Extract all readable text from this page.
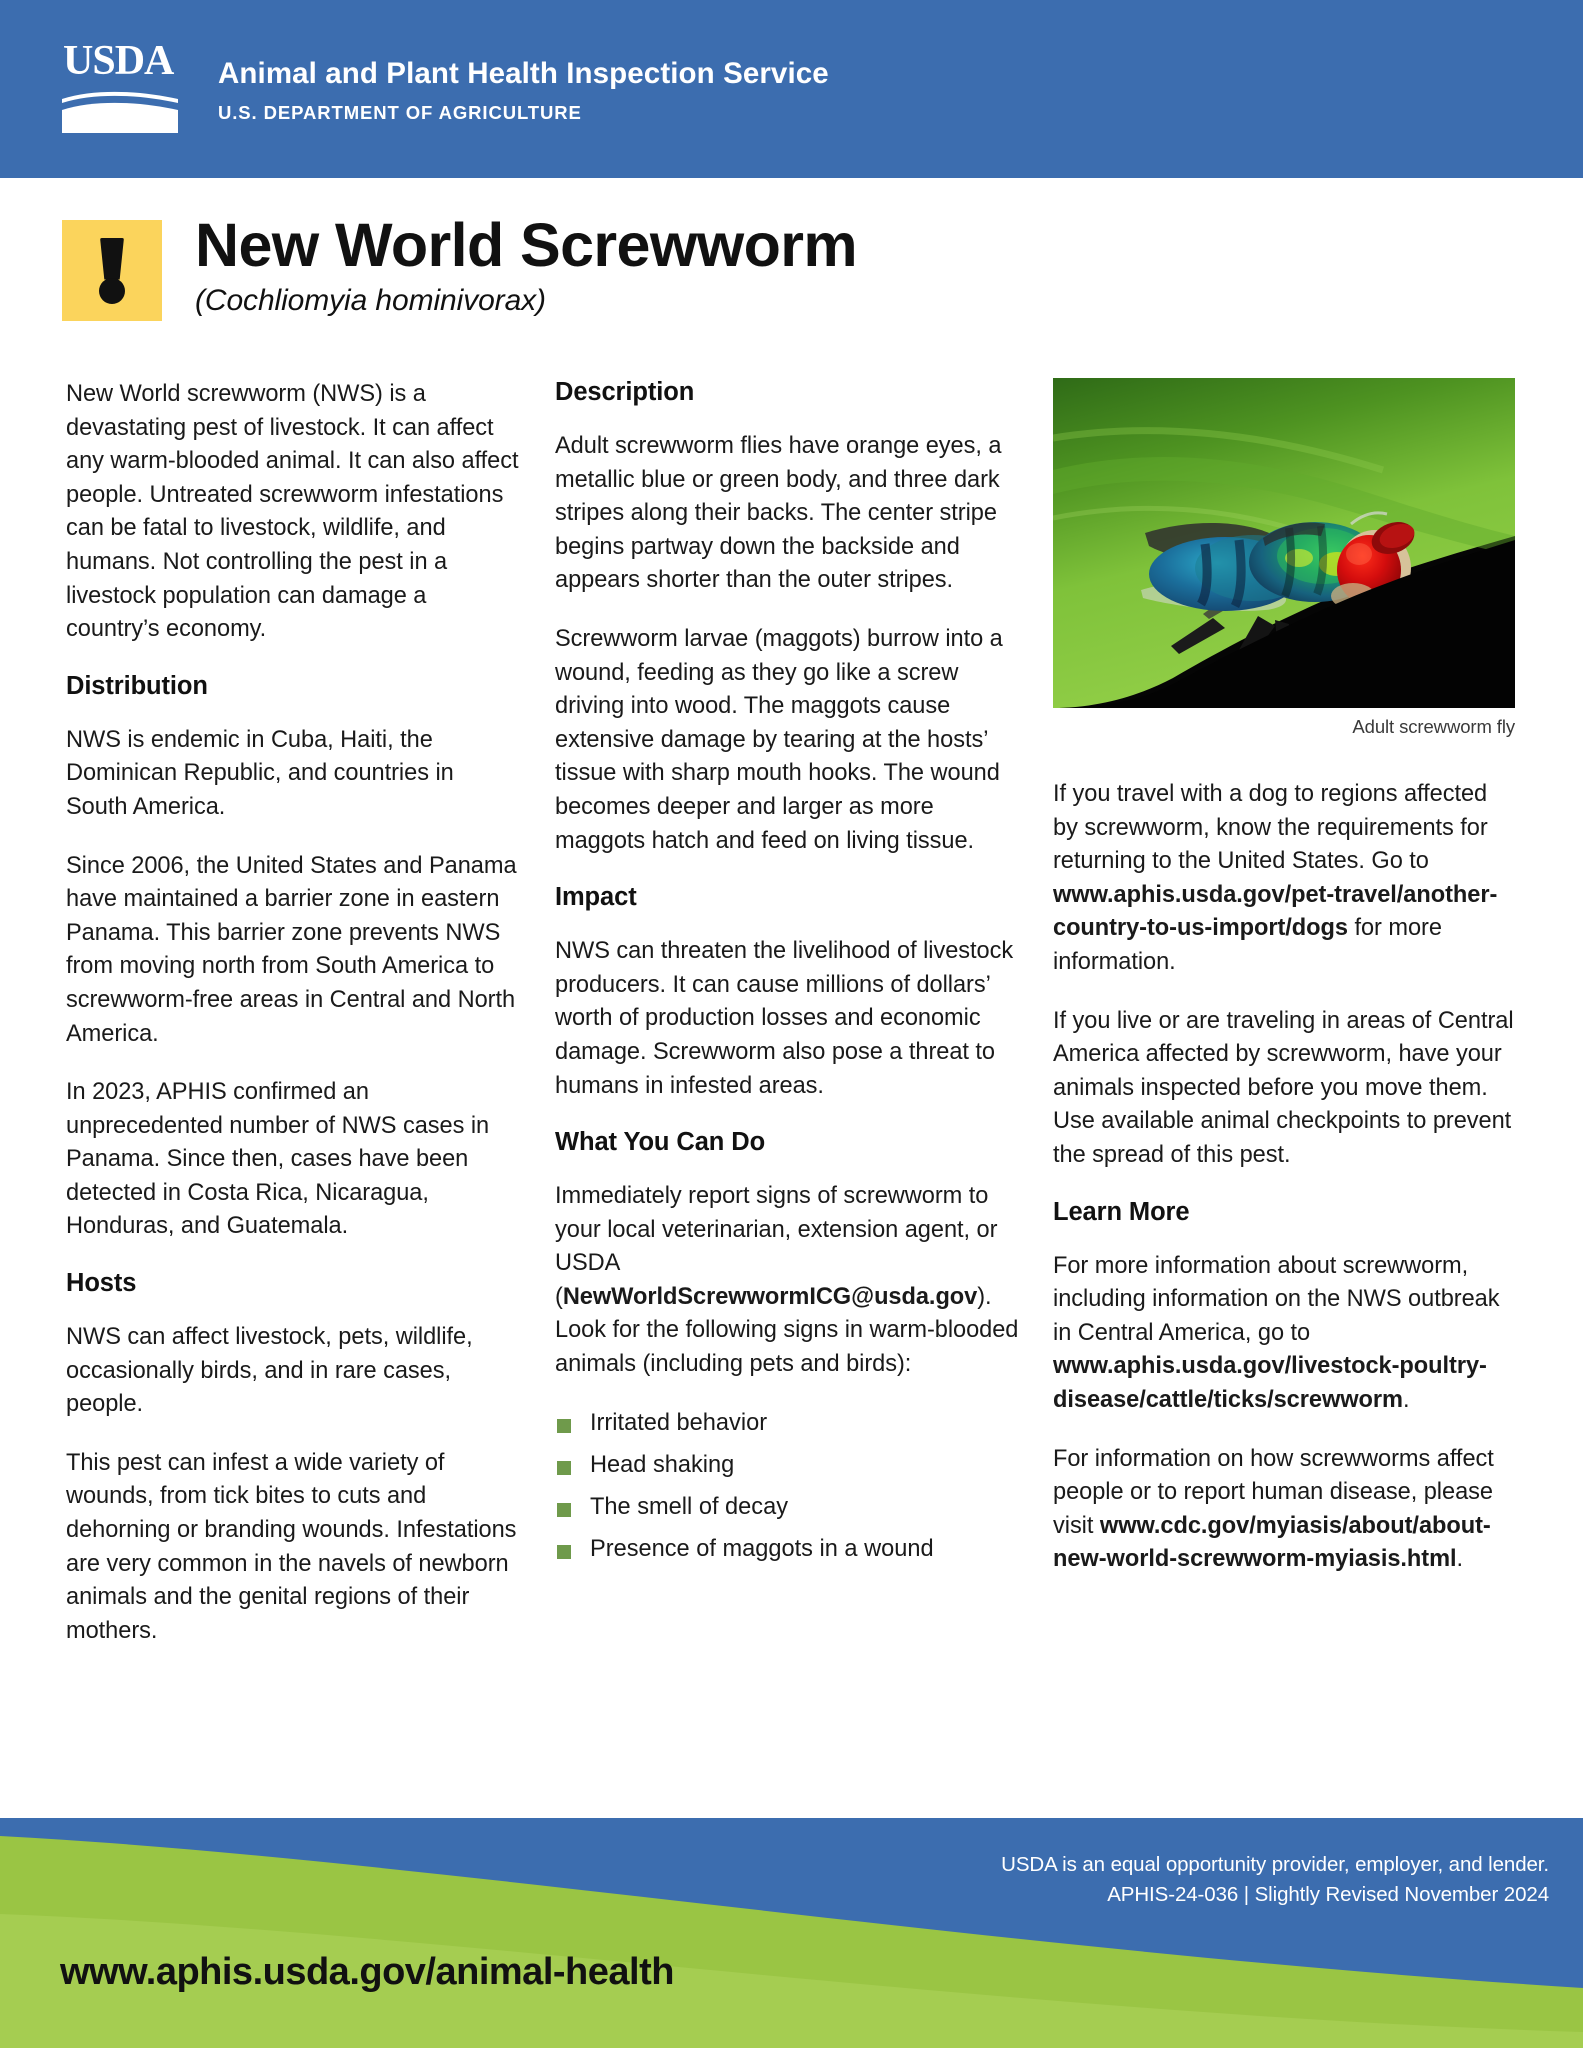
USDA Animal and Plant Health Inspection Service
U.S. DEPARTMENT OF AGRICULTURE
New World Screwworm
(Cochliomyia hominivorax)

New World screwworm (NWS) is a devastating pest of livestock. It can affect any warm-blooded animal. It can also affect people. Untreated screwworm infestations can be fatal to livestock, wildlife, and humans. Not controlling the pest in a livestock population can damage a country’s economy.

Distribution

NWS is endemic in Cuba, Haiti, the Dominican Republic, and countries in South America.

Since 2006, the United States and Panama have maintained a barrier zone in eastern Panama. This barrier zone prevents NWS from moving north from South America to screwworm-free areas in Central and North America.

In 2023, APHIS confirmed an unprecedented number of NWS cases in Panama. Since then, cases have been detected in Costa Rica, Nicaragua, Honduras, and Guatemala.

Hosts

NWS can affect livestock, pets, wildlife, occasionally birds, and in rare cases, people.

This pest can infest a wide variety of wounds, from tick bites to cuts and dehorning or branding wounds. Infestations are very common in the navels of newborn animals and the genital regions of their mothers.

Description

Adult screwworm flies have orange eyes, a metallic blue or green body, and three dark stripes along their backs. The center stripe begins partway down the backside and appears shorter than the outer stripes.

Screwworm larvae (maggots) burrow into a wound, feeding as they go like a screw driving into wood. The maggots cause extensive damage by tearing at the hosts’ tissue with sharp mouth hooks. The wound becomes deeper and larger as more maggots hatch and feed on living tissue.

Impact

NWS can threaten the livelihood of livestock producers. It can cause millions of dollars’ worth of production losses and economic damage. Screwworm also pose a threat to humans in infested areas.

What You Can Do

Immediately report signs of screwworm to your local veterinarian, extension agent, or USDA (NewWorldScrewwormICG@usda.gov). Look for the following signs in warm-blooded animals (including pets and birds):

Irritated behavior
Head shaking
The smell of decay
Presence of maggots in a wound
Adult screwworm fly

If you travel with a dog to regions affected by screwworm, know the requirements for returning to the United States. Go to www.aphis.usda.gov/pet-travel/another-country-to-us-import/dogs for more information.

If you live or are traveling in areas of Central America affected by screwworm, have your animals inspected before you move them. Use available animal checkpoints to prevent the spread of this pest.

Learn More

For more information about screwworm, including information on the NWS outbreak in Central America, go to www.aphis.usda.gov/livestock-poultry-disease/cattle/ticks/screwworm.

For information on how screwworms affect people or to report human disease, please visit www.cdc.gov/myiasis/about/about-new-world-screwworm-myiasis.html.

USDA is an equal opportunity provider, employer, and lender.
APHIS-24-036 | Slightly Revised November 2024
www.aphis.usda.gov/animal-health
